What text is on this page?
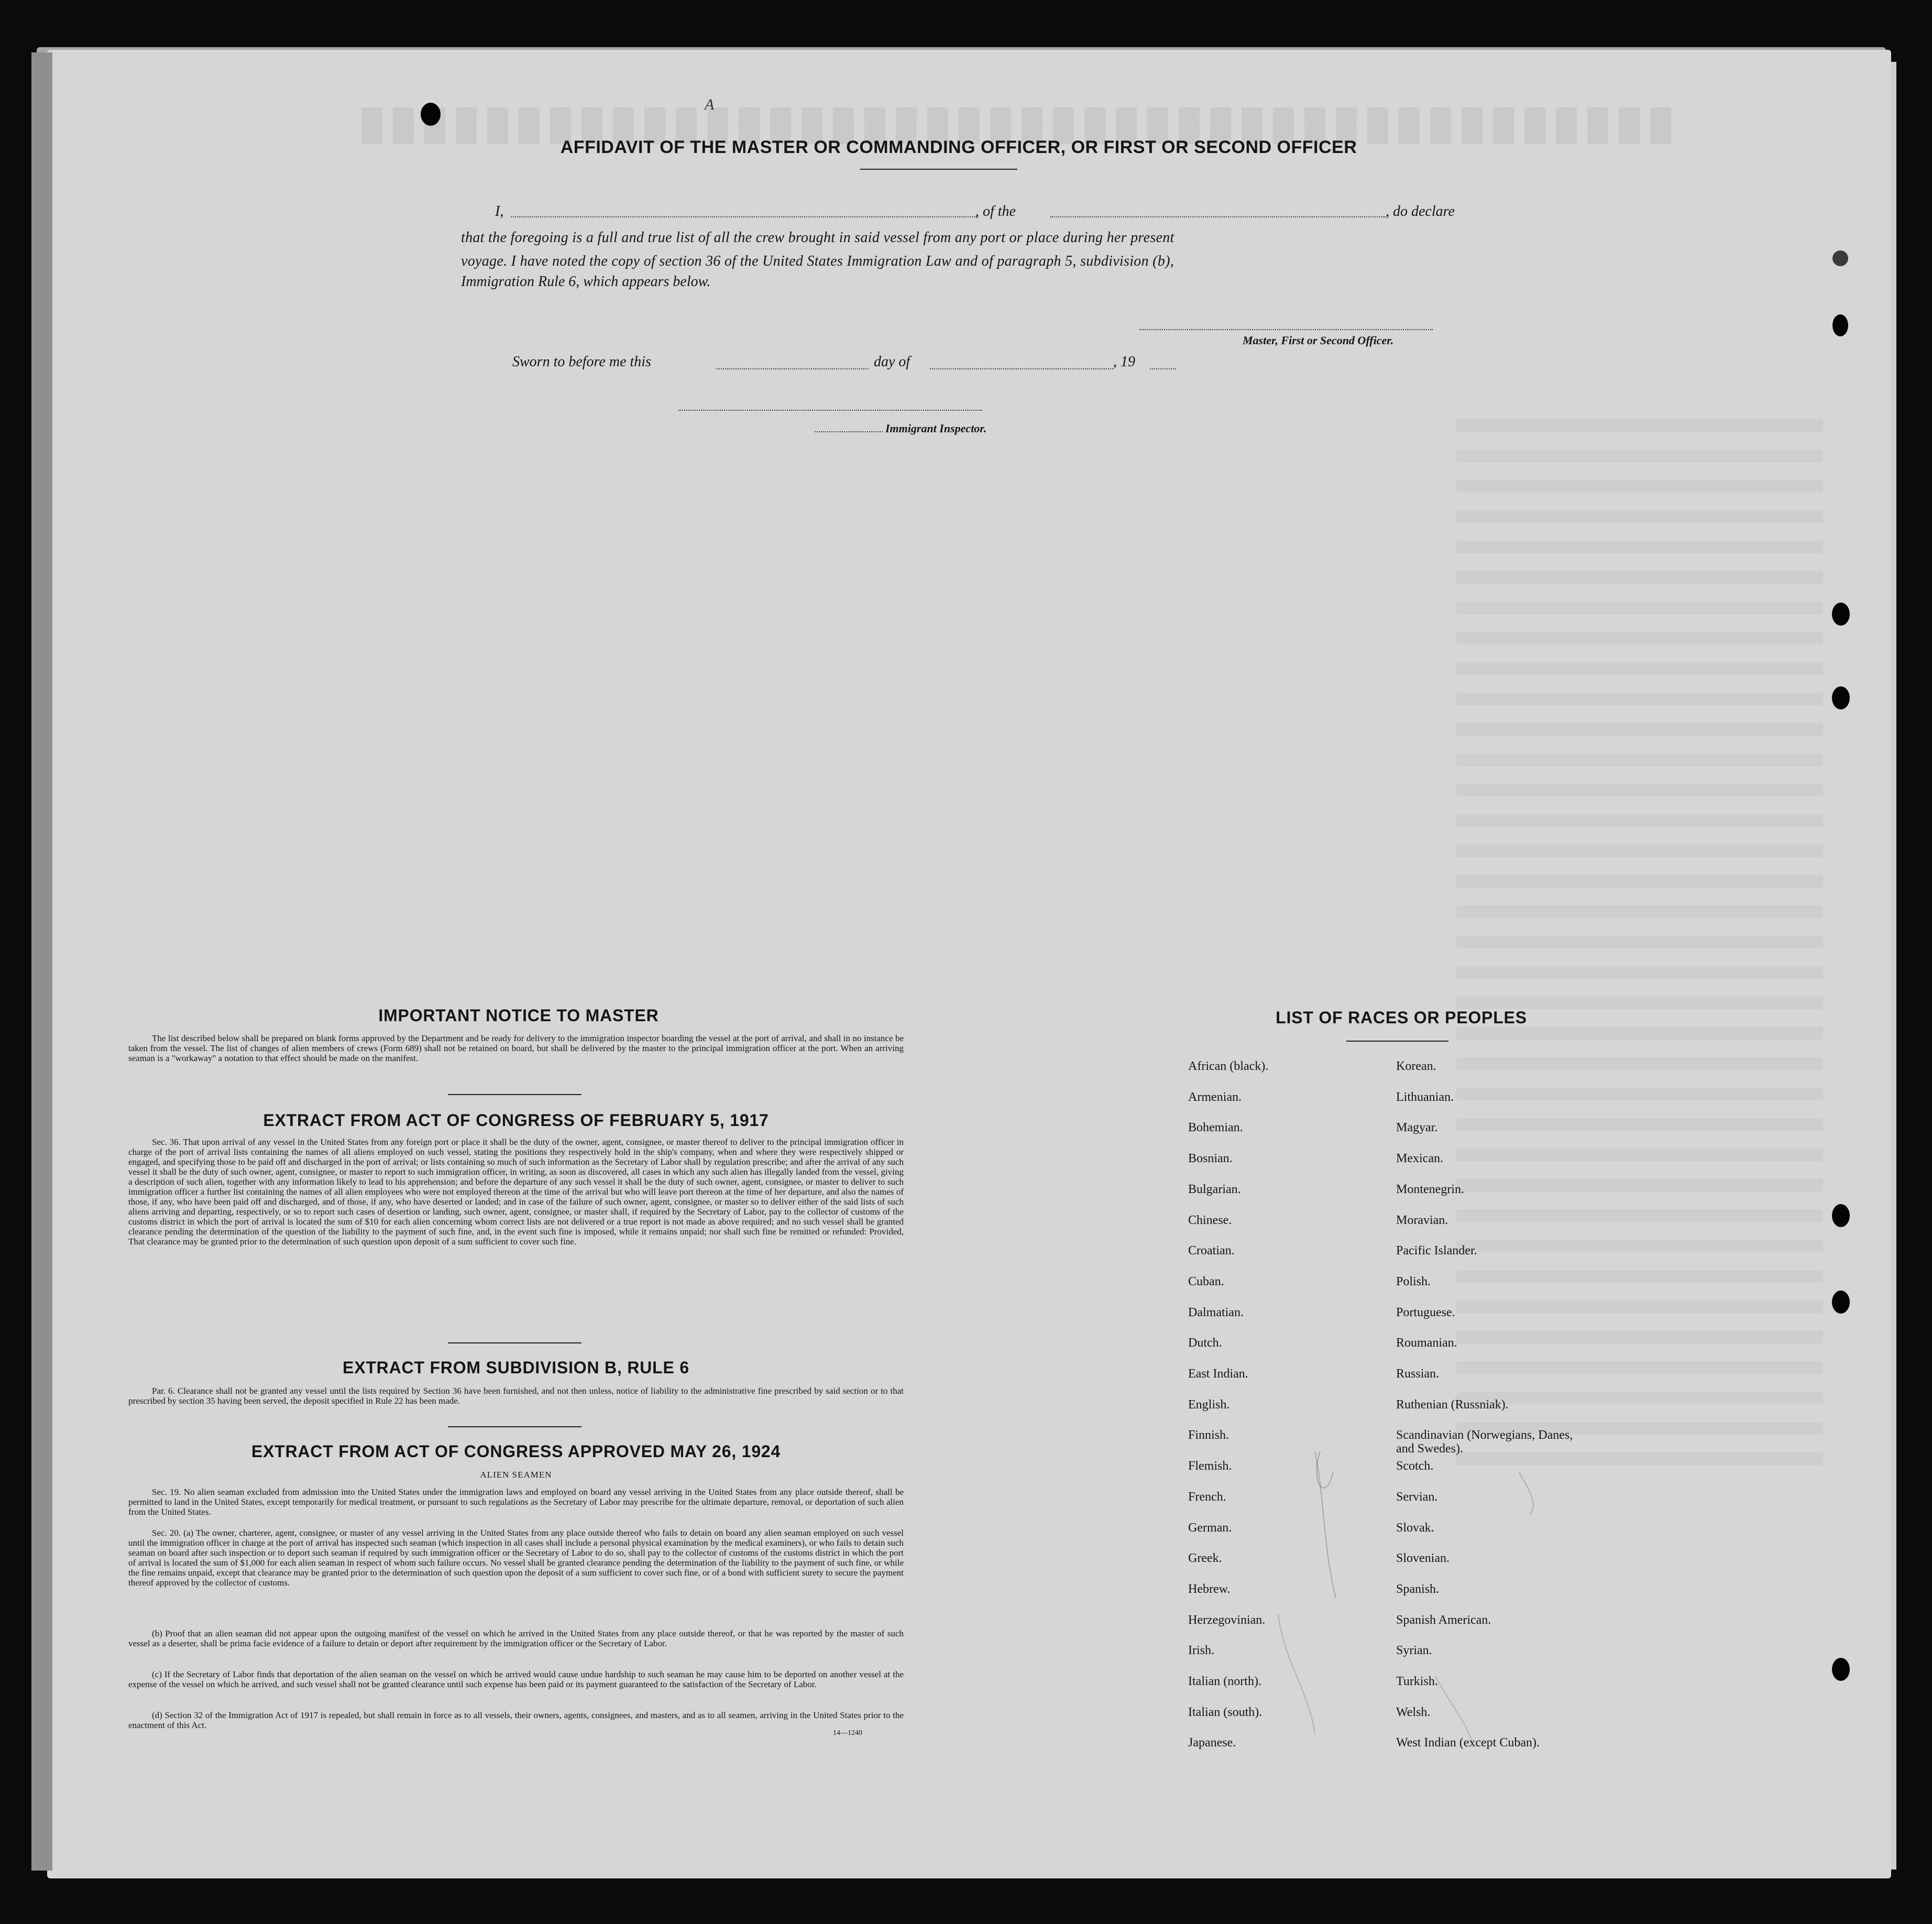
A
AFFIDAVIT OF THE MASTER OR COMMANDING OFFICER, OR FIRST OR SECOND OFFICER
I,	, of the	, do declare
that the foregoing is a full and true list of all the crew brought in said vessel from any port or place during her present
voyage. I have noted the copy of section 36 of the United States Immigration Law and of paragraph 5, subdivision (b),
Immigration Rule 6, which appears below.
Master, First or Second Officer.
Sworn to before me this	day of	, 19
Immigrant Inspector.
IMPORTANT NOTICE TO MASTER
The list described below shall be prepared on blank forms approved by the Department and be ready for delivery to the immigration inspector boarding the vessel at the port of arrival, and shall in no instance be taken from the vessel. The list of changes of alien members of crews (Form 689) shall not be retained on board, but shall be delivered by the master to the principal immigration officer at the port. When an arriving seaman is a "workaway" a notation to that effect should be made on the manifest.
EXTRACT FROM ACT OF CONGRESS OF FEBRUARY 5, 1917
Sec. 36. That upon arrival of any vessel in the United States from any foreign port or place it shall be the duty of the owner, agent, consignee, or master thereof to deliver to the principal immigration officer in charge of the port of arrival lists containing the names of all aliens employed on such vessel, stating the positions they respectively hold in the ship's company, when and where they were respectively shipped or engaged, and specifying those to be paid off and discharged in the port of arrival; or lists containing so much of such information as the Secretary of Labor shall by regulation prescribe; and after the arrival of any such vessel it shall be the duty of such owner, agent, consignee, or master to report to such immigration officer, in writing, as soon as discovered, all cases in which any such alien has illegally landed from the vessel, giving a description of such alien, together with any information likely to lead to his apprehension; and before the departure of any such vessel it shall be the duty of such owner, agent, consignee, or master to deliver to such immigration officer a further list containing the names of all alien employees who were not employed thereon at the time of the arrival but who will leave port thereon at the time of her departure, and also the names of those, if any, who have been paid off and discharged, and of those, if any, who have deserted or landed; and in case of the failure of such owner, agent, consignee, or master so to deliver either of the said lists of such aliens arriving and departing, respectively, or so to report such cases of desertion or landing, such owner, agent, consignee, or master shall, if required by the Secretary of Labor, pay to the collector of customs of the customs district in which the port of arrival is located the sum of $10 for each alien concerning whom correct lists are not delivered or a true report is not made as above required; and no such vessel shall be granted clearance pending the determination of the question of the liability to the payment of such fine, and, in the event such fine is imposed, while it remains unpaid; nor shall such fine be remitted or refunded: Provided, That clearance may be granted prior to the determination of such question upon deposit of a sum sufficient to cover such fine.
EXTRACT FROM SUBDIVISION B, RULE 6
Par. 6. Clearance shall not be granted any vessel until the lists required by Section 36 have been furnished, and not then unless, notice of liability to the administrative fine prescribed by said section or to that prescribed by section 35 having been served, the deposit specified in Rule 22 has been made.
EXTRACT FROM ACT OF CONGRESS APPROVED MAY 26, 1924
ALIEN SEAMEN
Sec. 19. No alien seaman excluded from admission into the United States under the immigration laws and employed on board any vessel arriving in the United States from any place outside thereof, shall be permitted to land in the United States, except temporarily for medical treatment, or pursuant to such regulations as the Secretary of Labor may prescribe for the ultimate departure, removal, or deportation of such alien from the United States.
Sec. 20. (a) The owner, charterer, agent, consignee, or master of any vessel arriving in the United States from any place outside thereof who fails to detain on board any alien seaman employed on such vessel until the immigration officer in charge at the port of arrival has inspected such seaman (which inspection in all cases shall include a personal physical examination by the medical examiners), or who fails to detain such seaman on board after such inspection or to deport such seaman if required by such immigration officer or the Secretary of Labor to do so, shall pay to the collector of customs of the customs district in which the port of arrival is located the sum of $1,000 for each alien seaman in respect of whom such failure occurs. No vessel shall be granted clearance pending the determination of the liability to the payment of such fine, or while the fine remains unpaid, except that clearance may be granted prior to the determination of such question upon the deposit of a sum sufficient to cover such fine, or of a bond with sufficient surety to secure the payment thereof approved by the collector of customs.
(b) Proof that an alien seaman did not appear upon the outgoing manifest of the vessel on which he arrived in the United States from any place outside thereof, or that he was reported by the master of such vessel as a deserter, shall be prima facie evidence of a failure to detain or deport after requirement by the immigration officer or the Secretary of Labor.
(c) If the Secretary of Labor finds that deportation of the alien seaman on the vessel on which he arrived would cause undue hardship to such seaman he may cause him to be deported on another vessel at the expense of the vessel on which he arrived, and such vessel shall not be granted clearance until such expense has been paid or its payment guaranteed to the satisfaction of the Secretary of Labor.
(d) Section 32 of the Immigration Act of 1917 is repealed, but shall remain in force as to all vessels, their owners, agents, consignees, and masters, and as to all seamen, arriving in the United States prior to the enactment of this Act.
14—1240
LIST OF RACES OR PEOPLES
African (black).
Armenian.
Bohemian.
Bosnian.
Bulgarian.
Chinese.
Croatian.
Cuban.
Dalmatian.
Dutch.
East Indian.
English.
Finnish.
Flemish.
French.
German.
Greek.
Hebrew.
Herzegovinian.
Irish.
Italian (north).
Italian (south).
Japanese.
Korean.
Lithuanian.
Magyar.
Mexican.
Montenegrin.
Moravian.
Pacific Islander.
Polish.
Portuguese.
Roumanian.
Russian.
Ruthenian (Russniak).
Scandinavian (Norwegians, Danes, and Swedes).
Scotch.
Servian.
Slovak.
Slovenian.
Spanish.
Spanish American.
Syrian.
Turkish.
Welsh.
West Indian (except Cuban).
